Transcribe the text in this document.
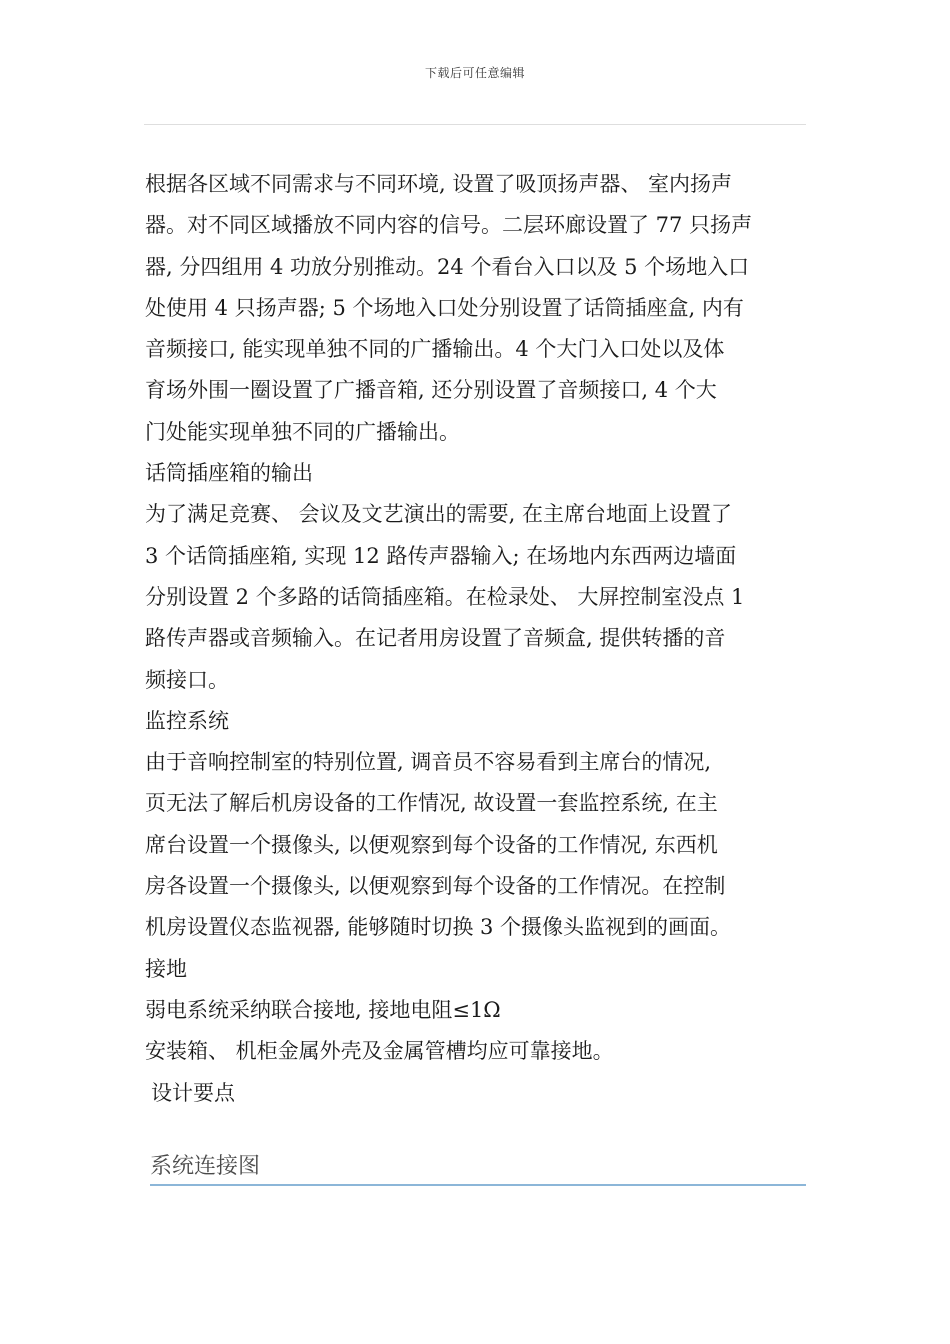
下载后可任意编辑

根据各区域不同需求与不同环境, 设置了吸顶扬声器、 室内扬声
器。对不同区域播放不同内容的信号。二层环廊设置了 77 只扬声
器, 分四组用 4 功放分别推动。24 个看台入口以及 5 个场地入口
处使用 4 只扬声器; 5 个场地入口处分别设置了话筒插座盒, 内有
音频接口, 能实现单独不同的广播输出。4 个大门入口处以及体
育场外围一圈设置了广播音箱, 还分别设置了音频接口, 4 个大
门处能实现单独不同的广播输出。

话筒插座箱的输出

为了满足竞赛、 会议及文艺演出的需要, 在主席台地面上设置了
3 个话筒插座箱, 实现 12 路传声器输入; 在场地内东西两边墙面
分别设置 2 个多路的话筒插座箱。在检录处、 大屏控制室没点 1
路传声器或音频输入。在记者用房设置了音频盒, 提供转播的音
频接口。

监控系统

由于音响控制室的特别位置, 调音员不容易看到主席台的情况,
页无法了解后机房设备的工作情况, 故设置一套监控系统, 在主
席台设置一个摄像头, 以便观察到每个设备的工作情况, 东西机
房各设置一个摄像头, 以便观察到每个设备的工作情况。在控制
机房设置仪态监视器, 能够随时切换 3 个摄像头监视到的画面。

接地

弱电系统采纳联合接地, 接地电阻≤1Ω

安装箱、 机柜金属外壳及金属管槽均应可靠接地。

设计要点

系统连接图
